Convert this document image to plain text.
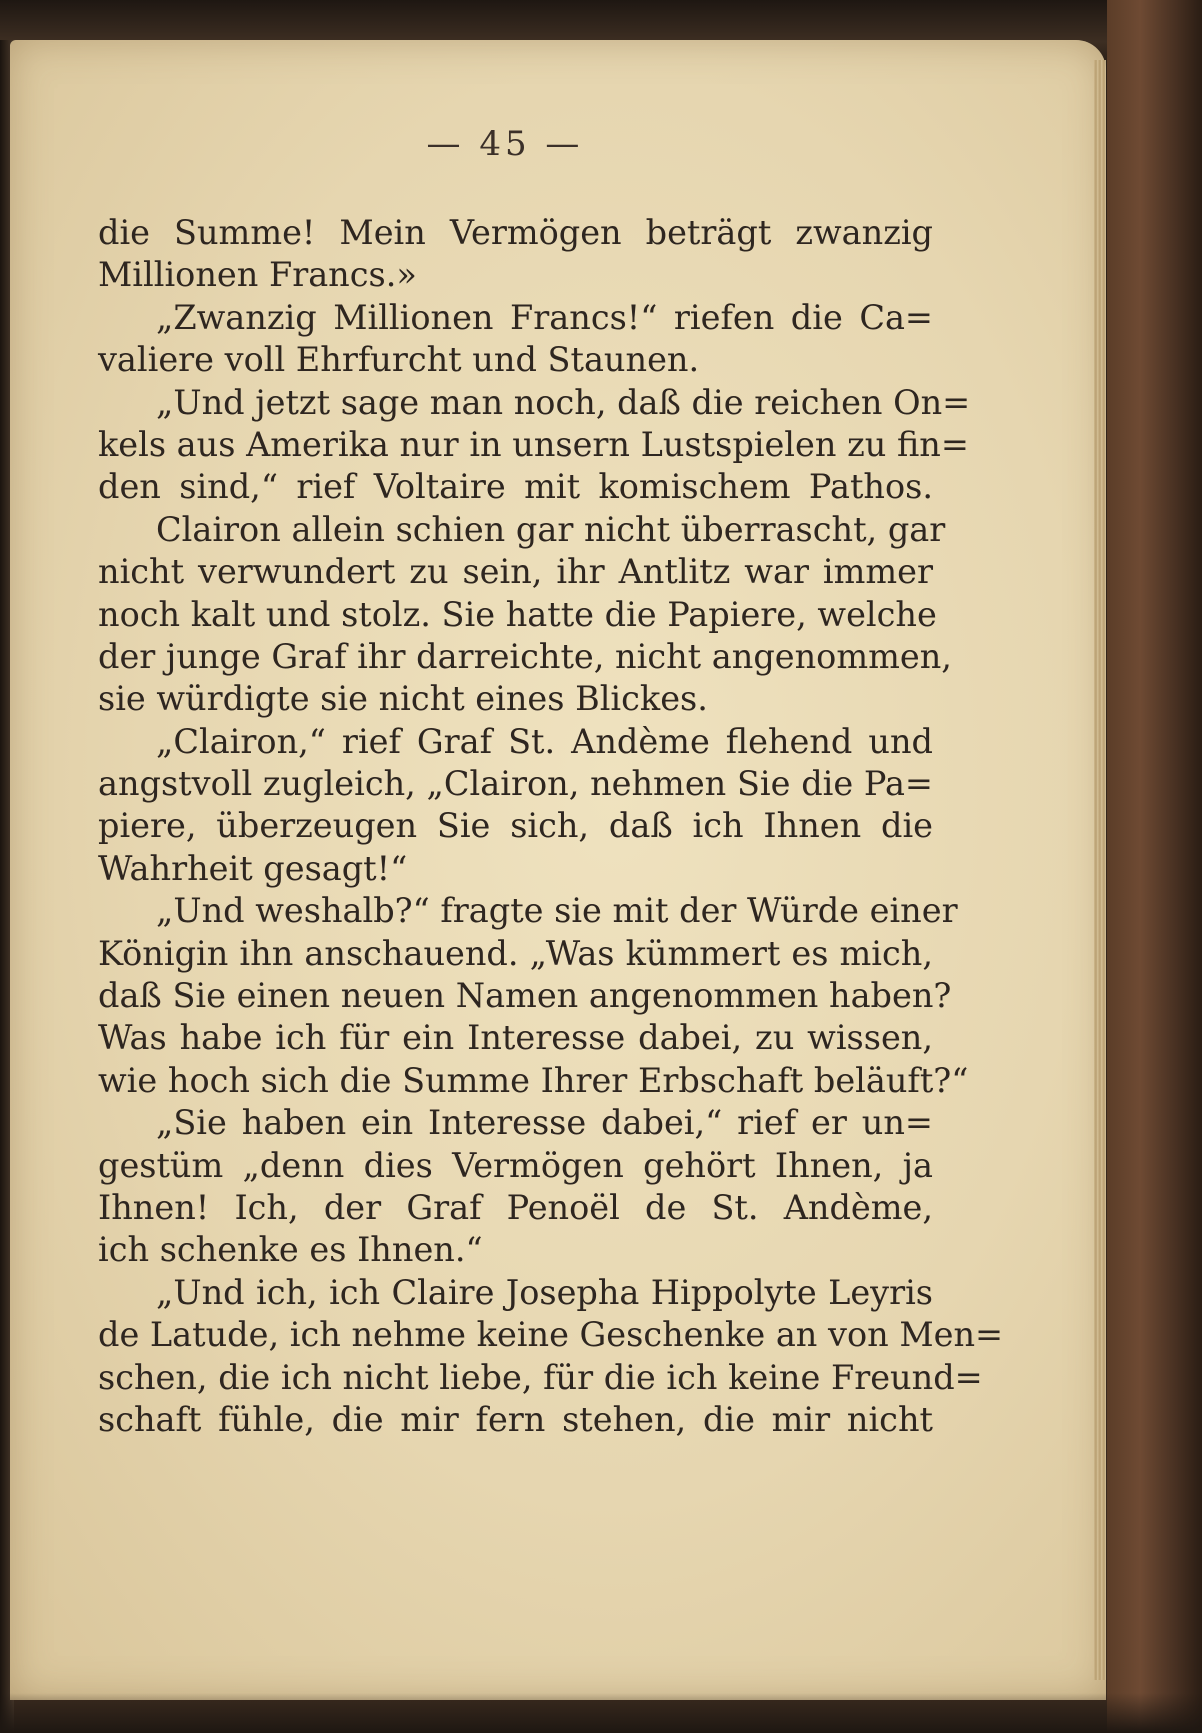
— 45 —
die Summe! Mein Vermögen beträgt zwanzig
Millionen Francs.»
„Zwanzig Millionen Francs!“ riefen die Ca=
valiere voll Ehrfurcht und Staunen.
„Und jetzt sage man noch, daß die reichen On=
kels aus Amerika nur in unsern Lustspielen zu fin=
den sind,“ rief Voltaire mit komischem Pathos.
Clairon allein schien gar nicht überrascht, gar
nicht verwundert zu sein, ihr Antlitz war immer
noch kalt und stolz. Sie hatte die Papiere, welche
der junge Graf ihr darreichte, nicht angenommen,
sie würdigte sie nicht eines Blickes.
„Clairon,“ rief Graf St. Andème flehend und
angstvoll zugleich, „Clairon, nehmen Sie die Pa=
piere, überzeugen Sie sich, daß ich Ihnen die
Wahrheit gesagt!“
„Und weshalb?“ fragte sie mit der Würde einer
Königin ihn anschauend. „Was kümmert es mich,
daß Sie einen neuen Namen angenommen haben?
Was habe ich für ein Interesse dabei, zu wissen,
wie hoch sich die Summe Ihrer Erbschaft beläuft?“
„Sie haben ein Interesse dabei,“ rief er un=
gestüm „denn dies Vermögen gehört Ihnen, ja
Ihnen! Ich, der Graf Penoël de St. Andème,
ich schenke es Ihnen.“
„Und ich, ich Claire Josepha Hippolyte Leyris
de Latude, ich nehme keine Geschenke an von Men=
schen, die ich nicht liebe, für die ich keine Freund=
schaft fühle, die mir fern stehen, die mir nicht
